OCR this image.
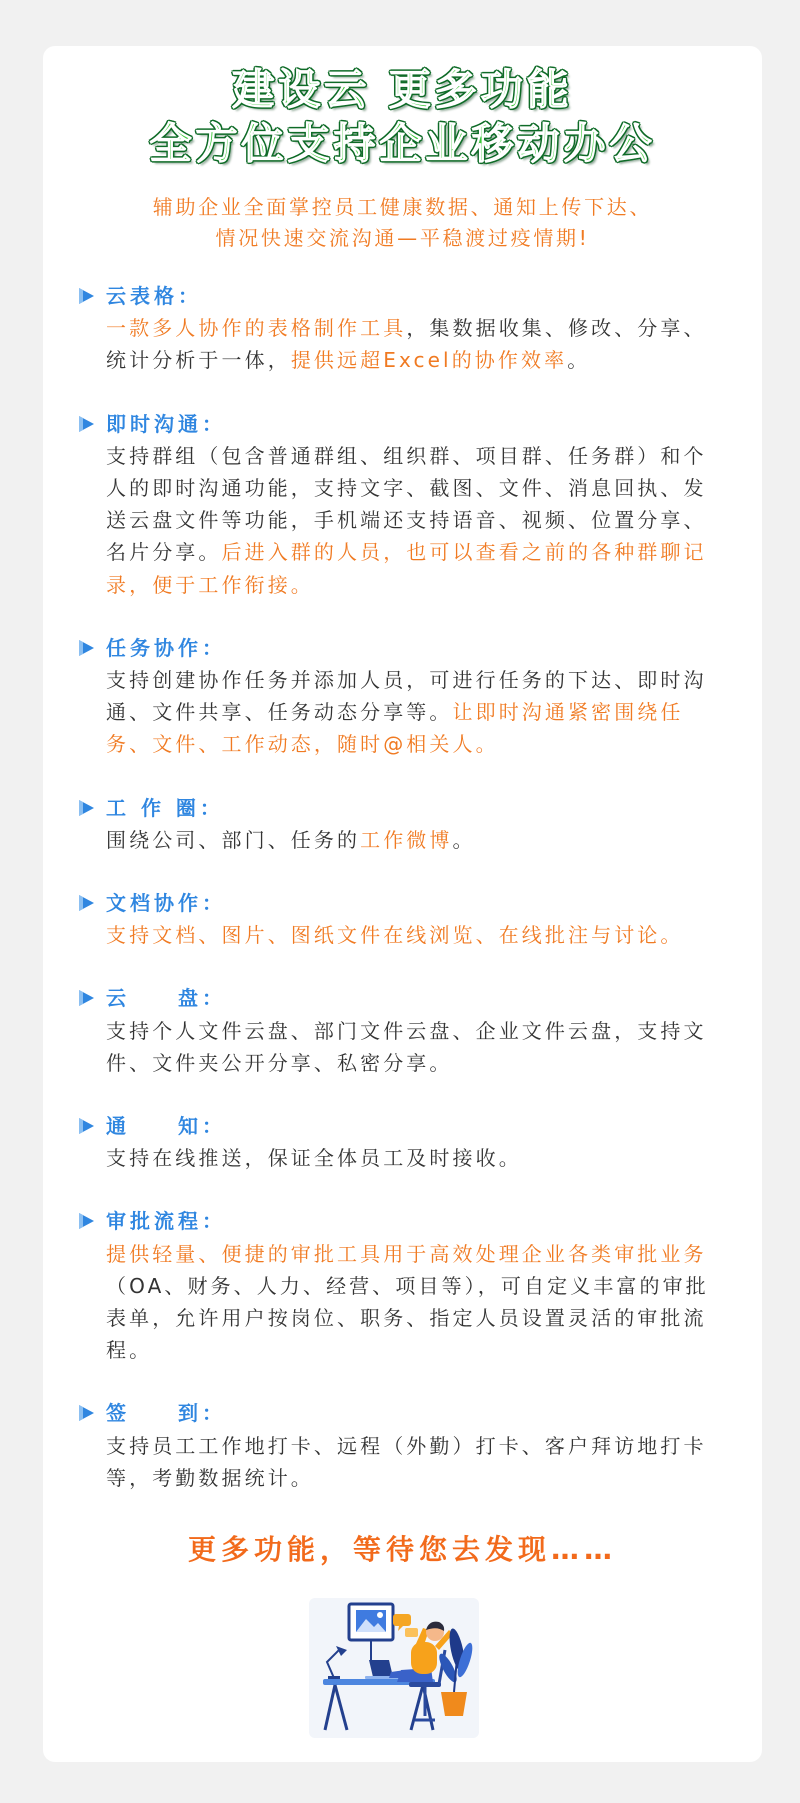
建设云 更多功能
全方位支持企业移动办公
辅助企业全面掌控员工健康数据、通知上传下达、
情况快速交流沟通—平稳渡过疫情期!
云表格：
一款多人协作的表格制作工具，集数据收集、修改、分享、统计分析于一体，提供远超Excel的协作效率。
即时沟通：
支持群组（包含普通群组、组织群、项目群、任务群）和个人的即时沟通功能，支持文字、截图、文件、消息回执、发送云盘文件等功能，手机端还支持语音、视频、位置分享、名片分享。后进入群的人员，也可以查看之前的各种群聊记录，便于工作衔接。
任务协作：
支持创建协作任务并添加人员，可进行任务的下达、即时沟通、文件共享、任务动态分享等。让即时沟通紧密围绕任务、文件、工作动态，随时@相关人。
工 作 圈：
围绕公司、部门、任务的工作微博。
文档协作：
支持文档、图片、图纸文件在线浏览、在线批注与讨论。
云　　盘：
支持个人文件云盘、部门文件云盘、企业文件云盘，支持文件、文件夹公开分享、私密分享。
通　　知：
支持在线推送，保证全体员工及时接收。
审批流程：
提供轻量、便捷的审批工具用于高效处理企业各类审批业务（OA、财务、人力、经营、项目等），可自定义丰富的审批表单，允许用户按岗位、职务、指定人员设置灵活的审批流程。
签　　到：
支持员工工作地打卡、远程（外勤）打卡、客户拜访地打卡等，考勤数据统计。
更多功能，等待您去发现……
